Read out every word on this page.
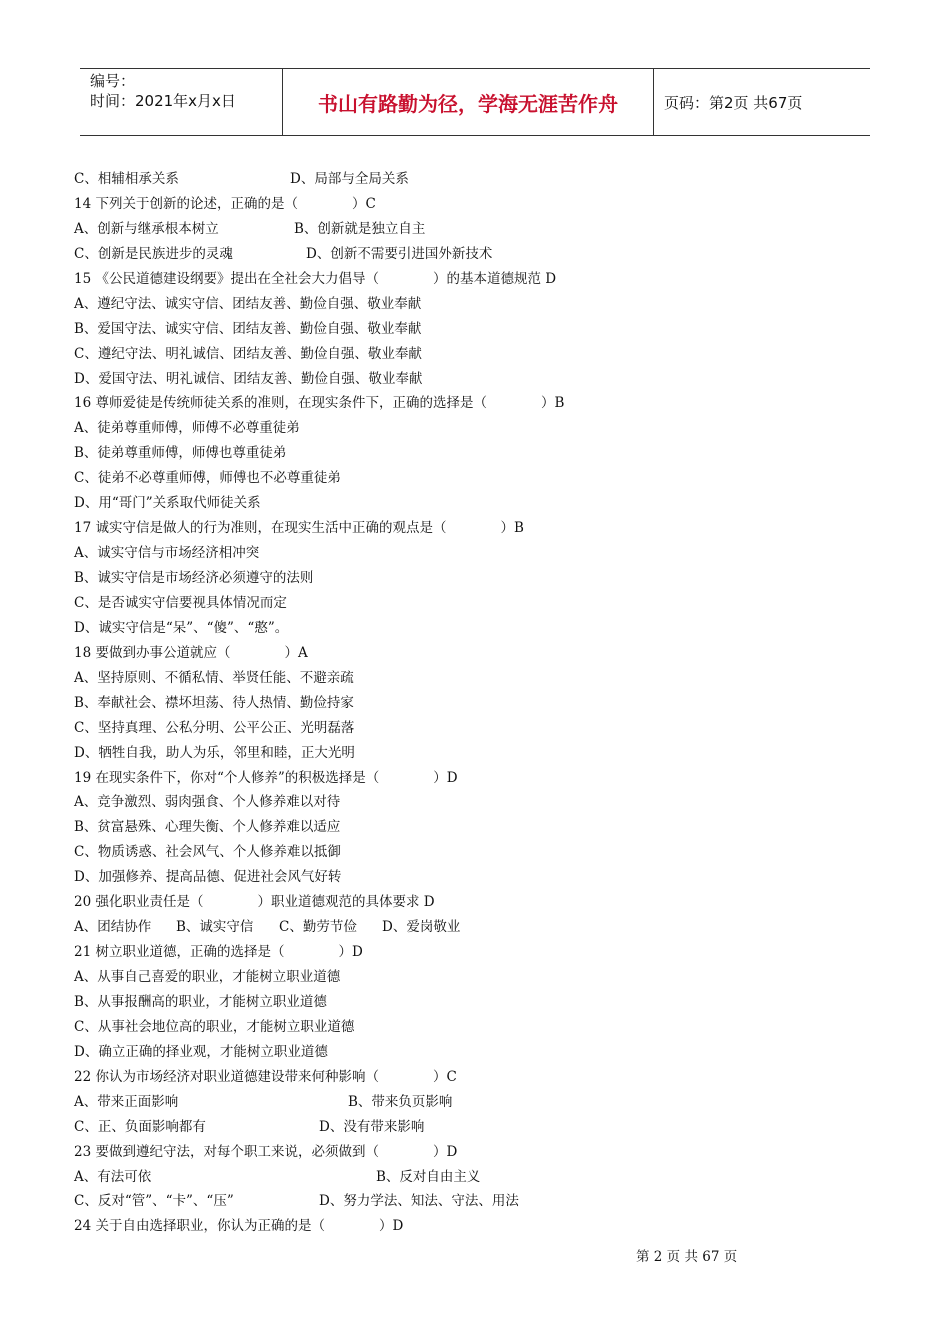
编号：
时间：2021年x月x日	书山有路勤为径，学海无涯苦作舟	页码：第2页 共67页
C、相辅相承关系	D、局部与全局关系
14 下列关于创新的论述，正确的是（　　　　）C
A、创新与继承根本树立	B、创新就是独立自主
C、创新是民族进步的灵魂	D、创新不需要引进国外新技术
15 《公民道德建设纲要》提出在全社会大力倡导（　　　　）的基本道德规范 D
A、遵纪守法、诚实守信、团结友善、勤俭自强、敬业奉献
B、爱国守法、诚实守信、团结友善、勤俭自强、敬业奉献
C、遵纪守法、明礼诚信、团结友善、勤俭自强、敬业奉献
D、爱国守法、明礼诚信、团结友善、勤俭自强、敬业奉献
16 尊师爱徒是传统师徒关系的准则，在现实条件下，正确的选择是（　　　　）B
A、徒弟尊重师傅，师傅不必尊重徒弟
B、徒弟尊重师傅，师傅也尊重徒弟
C、徒弟不必尊重师傅，师傅也不必尊重徒弟
D、用“哥门”关系取代师徒关系
17 诚实守信是做人的行为准则，在现实生活中正确的观点是（　　　　）B
A、诚实守信与市场经济相冲突
B、诚实守信是市场经济必须遵守的法则
C、是否诚实守信要视具体情况而定
D、诚实守信是“呆”、“傻”、“憨”。
18 要做到办事公道就应（　　　　）A
A、坚持原则、不循私情、举贤任能、不避亲疏
B、奉献社会、襟坏坦荡、待人热情、勤俭持家
C、坚持真理、公私分明、公平公正、光明磊落
D、牺牲自我，助人为乐，邻里和睦，正大光明
19 在现实条件下，你对“个人修养”的积极选择是（　　　　）D
A、竞争激烈、弱肉强食、个人修养难以对待
B、贫富悬殊、心理失衡、个人修养难以适应
C、物质诱惑、社会风气、个人修养难以抵御
D、加强修养、提高品德、促进社会风气好转
20 强化职业责任是（　　　　）职业道德观范的具体要求 D
A、团结协作 B、诚实守信 C、勤劳节俭 D、爱岗敬业
21 树立职业道德，正确的选择是（　　　　）D
A、从事自己喜爱的职业，才能树立职业道德
B、从事报酬高的职业，才能树立职业道德
C、从事社会地位高的职业，才能树立职业道德
D、确立正确的择业观，才能树立职业道德
22 你认为市场经济对职业道德建设带来何种影响（　　　　）C
A、带来正面影响	B、带来负页影响
C、正、负面影响都有	D、没有带来影响
23 要做到遵纪守法，对每个职工来说，必须做到（　　　　）D
A、有法可依	B、反对自由主义
C、反对“管”、“卡”、“压”	D、努力学法、知法、守法、用法
24 关于自由选择职业，你认为正确的是（　　　　）D
第 2 页 共 67 页
